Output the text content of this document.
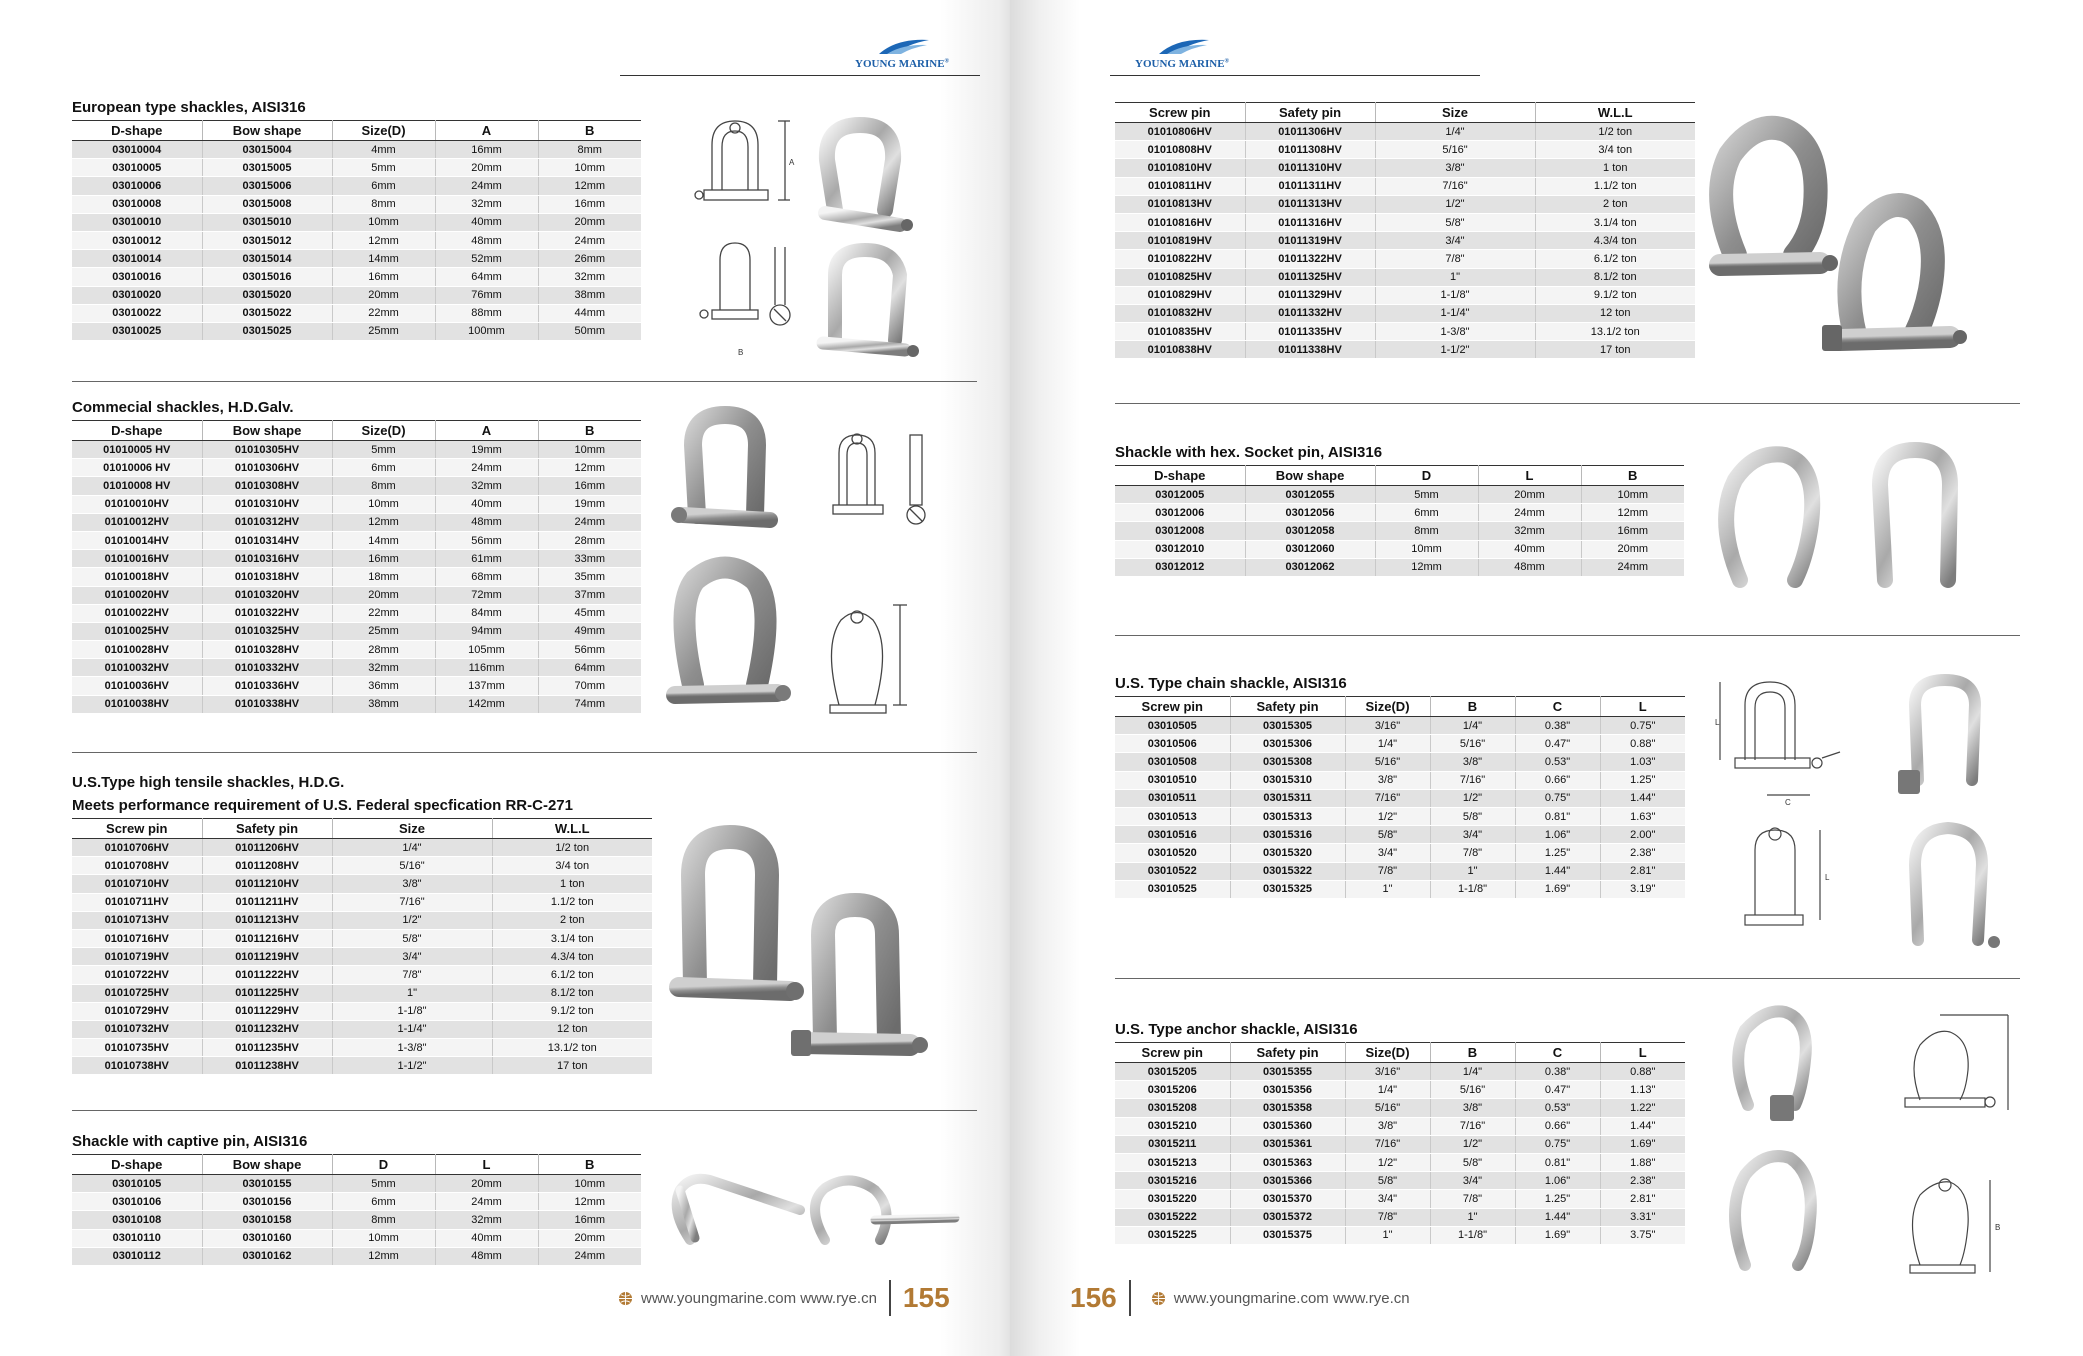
YOUNG MARINE®
European type shackles, AISI316
D-shape	Bow shape	Size(D)	A	B
03010004	03015004	4mm	16mm	8mm
03010005	03015005	5mm	20mm	10mm
03010006	03015006	6mm	24mm	12mm
03010008	03015008	8mm	32mm	16mm
03010010	03015010	10mm	40mm	20mm
03010012	03015012	12mm	48mm	24mm
03010014	03015014	14mm	52mm	26mm
03010016	03015016	16mm	64mm	32mm
03010020	03015020	20mm	76mm	38mm
03010022	03015022	22mm	88mm	44mm
03010025	03015025	25mm	100mm	50mm
A
B
Commecial shackles, H.D.Galv.
D-shape	Bow shape	Size(D)	A	B
01010005 HV	01010305HV	5mm	19mm	10mm
01010006 HV	01010306HV	6mm	24mm	12mm
01010008 HV	01010308HV	8mm	32mm	16mm
01010010HV	01010310HV	10mm	40mm	19mm
01010012HV	01010312HV	12mm	48mm	24mm
01010014HV	01010314HV	14mm	56mm	28mm
01010016HV	01010316HV	16mm	61mm	33mm
01010018HV	01010318HV	18mm	68mm	35mm
01010020HV	01010320HV	20mm	72mm	37mm
01010022HV	01010322HV	22mm	84mm	45mm
01010025HV	01010325HV	25mm	94mm	49mm
01010028HV	01010328HV	28mm	105mm	56mm
01010032HV	01010332HV	32mm	116mm	64mm
01010036HV	01010336HV	36mm	137mm	70mm
01010038HV	01010338HV	38mm	142mm	74mm
U.S.Type high tensile shackles, H.D.G.
Meets performance requirement of U.S. Federal specfication RR-C-271
Screw pin	Safety pin	Size	W.L.L
01010706HV	01011206HV	1/4"	1/2 ton
01010708HV	01011208HV	5/16"	3/4 ton
01010710HV	01011210HV	3/8"	1 ton
01010711HV	01011211HV	7/16"	1.1/2 ton
01010713HV	01011213HV	1/2"	2 ton
01010716HV	01011216HV	5/8"	3.1/4 ton
01010719HV	01011219HV	3/4"	4.3/4 ton
01010722HV	01011222HV	7/8"	6.1/2 ton
01010725HV	01011225HV	1"	8.1/2 ton
01010729HV	01011229HV	1-1/8"	9.1/2 ton
01010732HV	01011232HV	1-1/4"	12 ton
01010735HV	01011235HV	1-3/8"	13.1/2 ton
01010738HV	01011238HV	1-1/2"	17 ton
Shackle with captive pin, AISI316
D-shape	Bow shape	D	L	B
03010105	03010155	5mm	20mm	10mm
03010106	03010156	6mm	24mm	12mm
03010108	03010158	8mm	32mm	16mm
03010110	03010160	10mm	40mm	20mm
03010112	03010162	12mm	48mm	24mm
www.youngmarine.com www.rye.cn 155
YOUNG MARINE®
Screw pin	Safety pin	Size	W.L.L
01010806HV	01011306HV	1/4"	1/2 ton
01010808HV	01011308HV	5/16"	3/4 ton
01010810HV	01011310HV	3/8"	1 ton
01010811HV	01011311HV	7/16"	1.1/2 ton
01010813HV	01011313HV	1/2"	2 ton
01010816HV	01011316HV	5/8"	3.1/4 ton
01010819HV	01011319HV	3/4"	4.3/4 ton
01010822HV	01011322HV	7/8"	6.1/2 ton
01010825HV	01011325HV	1"	8.1/2 ton
01010829HV	01011329HV	1-1/8"	9.1/2 ton
01010832HV	01011332HV	1-1/4"	12 ton
01010835HV	01011335HV	1-3/8"	13.1/2 ton
01010838HV	01011338HV	1-1/2"	17 ton
Shackle with hex. Socket pin, AISI316
D-shape	Bow shape	D	L	B
03012005	03012055	5mm	20mm	10mm
03012006	03012056	6mm	24mm	12mm
03012008	03012058	8mm	32mm	16mm
03012010	03012060	10mm	40mm	20mm
03012012	03012062	12mm	48mm	24mm
U.S. Type chain shackle, AISI316
Screw pin	Safety pin	Size(D)	B	C	L
03010505	03015305	3/16"	1/4"	0.38"	0.75"
03010506	03015306	1/4"	5/16"	0.47"	0.88"
03010508	03015308	5/16"	3/8"	0.53"	1.03"
03010510	03015310	3/8"	7/16"	0.66"	1.25"
03010511	03015311	7/16"	1/2"	0.75"	1.44"
03010513	03015313	1/2"	5/8"	0.81"	1.63"
03010516	03015316	5/8"	3/4"	1.06"	2.00"
03010520	03015320	3/4"	7/8"	1.25"	2.38"
03010522	03015322	7/8"	1"	1.44"	2.81"
03010525	03015325	1"	1-1/8"	1.69"	3.19"
L
C
L
U.S. Type anchor shackle, AISI316
Screw pin	Safety pin	Size(D)	B	C	L
03015205	03015355	3/16"	1/4"	0.38"	0.88"
03015206	03015356	1/4"	5/16"	0.47"	1.13"
03015208	03015358	5/16"	3/8"	0.53"	1.22"
03015210	03015360	3/8"	7/16"	0.66"	1.44"
03015211	03015361	7/16"	1/2"	0.75"	1.69"
03015213	03015363	1/2"	5/8"	0.81"	1.88"
03015216	03015366	5/8"	3/4"	1.06"	2.38"
03015220	03015370	3/4"	7/8"	1.25"	2.81"
03015222	03015372	7/8"	1"	1.44"	3.31"
03015225	03015375	1"	1-1/8"	1.69"	3.75"
B
156	www.youngmarine.com www.rye.cn
